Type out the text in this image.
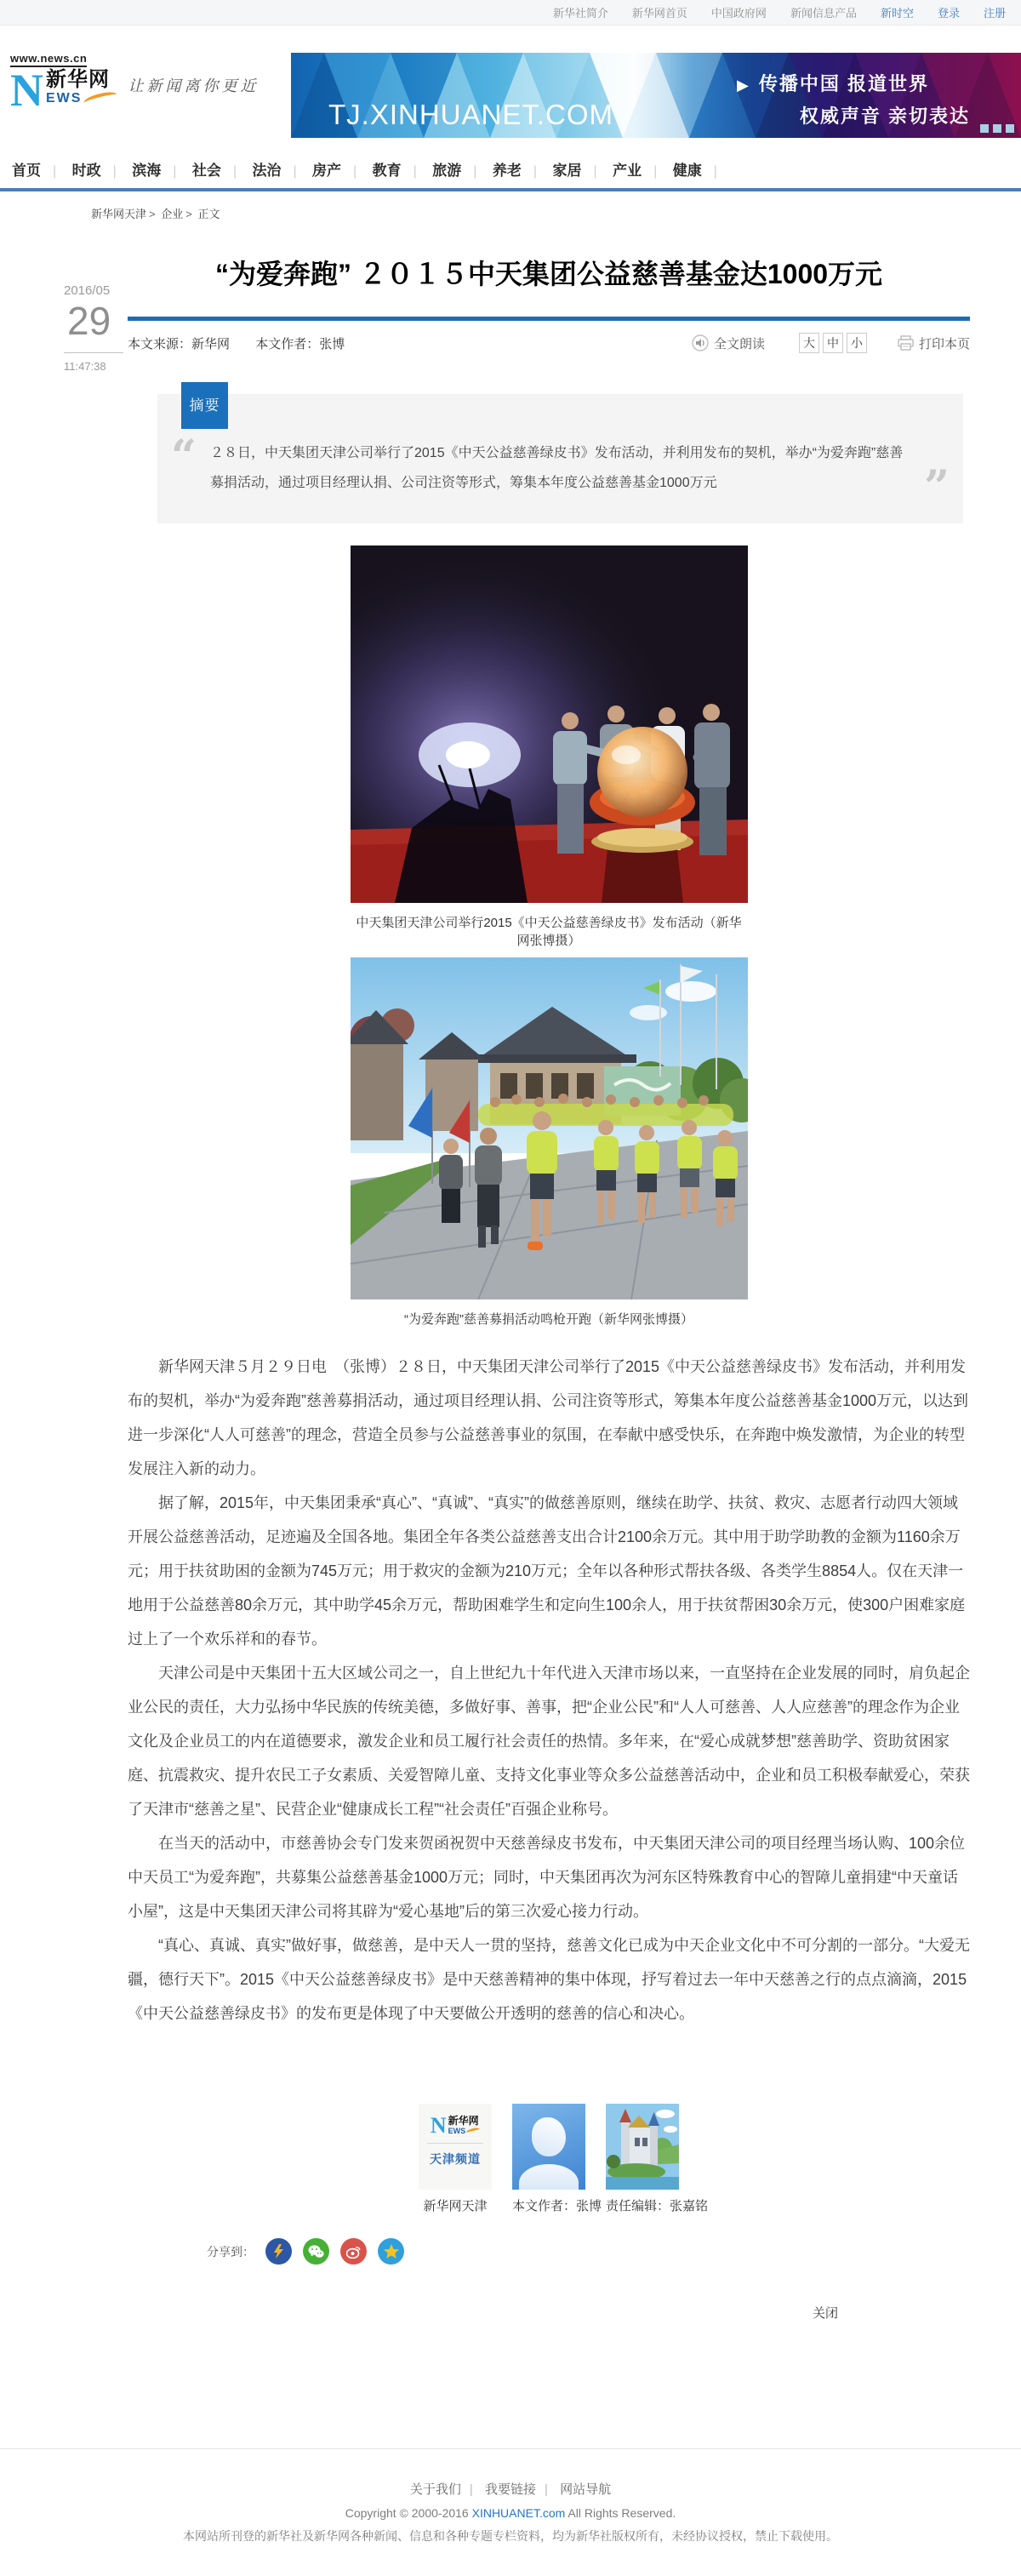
新华社简介 新华网首页 中国政府网 新闻信息产品 新时空 登录 注册
www.news.cn
N 新华网
EWS
让新闻离你更近
TJ.XINHUANET.COM
▶ 传播中国 报道世界
权威声音 亲切表达
首页 | 时政 | 滨海 | 社会 | 法治 | 房产 | 教育 | 旅游 | 养老 | 家居 | 产业 | 健康 |
新华网天津 > 企业 > 正文
2016/05
29
11:47:38
“为爱奔跑” ２０１５中天集团公益慈善基金达1000万元
本文来源：新华网 本文作者：张博	全文朗读	大	中	小	打印本页
摘要
“ ２８日，中天集团天津公司举行了2015《中天公益慈善绿皮书》发布活动，并利用发布的契机，举办“为爱奔跑”慈善募捐活动，通过项目经理认捐、公司注资等形式，筹集本年度公益慈善基金1000万元	”
中天集团天津公司举行2015《中天公益慈善绿皮书》发布活动（新华网张博摄）
“为爱奔跑”慈善募捐活动鸣枪开跑（新华网张博摄）

新华网天津５月２９日电　（张博）２８日，中天集团天津公司举行了2015《中天公益慈善绿皮书》发布活动，并利用发布的契机，举办“为爱奔跑”慈善募捐活动，通过项目经理认捐、公司注资等形式，筹集本年度公益慈善基金1000万元，以达到进一步深化“人人可慈善”的理念，营造全员参与公益慈善事业的氛围，在奉献中感受快乐，在奔跑中焕发激情，为企业的转型发展注入新的动力。

据了解，2015年，中天集团秉承“真心”、“真诚”、“真实”的做慈善原则，继续在助学、扶贫、救灾、志愿者行动四大领域开展公益慈善活动，足迹遍及全国各地。集团全年各类公益慈善支出合计2100余万元。其中用于助学助教的金额为1160余万元；用于扶贫助困的金额为745万元；用于救灾的金额为210万元；全年以各种形式帮扶各级、各类学生8854人。仅在天津一地用于公益慈善80余万元，其中助学45余万元，帮助困难学生和定向生100余人，用于扶贫帮困30余万元，使300户困难家庭过上了一个欢乐祥和的春节。

天津公司是中天集团十五大区域公司之一，自上世纪九十年代进入天津市场以来，一直坚持在企业发展的同时，肩负起企业公民的责任，大力弘扬中华民族的传统美德，多做好事、善事，把“企业公民”和“人人可慈善、人人应慈善”的理念作为企业文化及企业员工的内在道德要求，激发企业和员工履行社会责任的热情。多年来，在“爱心成就梦想”慈善助学、资助贫困家庭、抗震救灾、提升农民工子女素质、关爱智障儿童、支持文化事业等众多公益慈善活动中，企业和员工积极奉献爱心，荣获了天津市“慈善之星”、民营企业“健康成长工程”“社会责任”百强企业称号。

在当天的活动中，市慈善协会专门发来贺函祝贺中天慈善绿皮书发布，中天集团天津公司的项目经理当场认购、100余位中天员工“为爱奔跑”，共募集公益慈善基金1000万元；同时，中天集团再次为河东区特殊教育中心的智障儿童捐建“中天童话小屋”，这是中天集团天津公司将其辟为“爱心基地”后的第三次爱心接力行动。

“真心、真诚、真实”做好事，做慈善，是中天人一贯的坚持，慈善文化已成为中天企业文化中不可分割的一部分。“大爱无疆，德行天下”。2015《中天公益慈善绿皮书》是中天慈善精神的集中体现，抒写着过去一年中天慈善之行的点点滴滴，2015《中天公益慈善绿皮书》的发布更是体现了中天要做公开透明的慈善的信心和决心。

N 新华网
EWS
天津频道
新华网天津	本文作者：张博 责任编辑：张嘉铭
分享到：
关闭
关于我们 | 我要链接 | 网站导航
Copyright © 2000-2016 XINHUANET.com All Rights Reserved.
本网站所刊登的新华社及新华网各种新闻、信息和各种专题专栏资料，均为新华社版权所有，未经协议授权，禁止下载使用。
